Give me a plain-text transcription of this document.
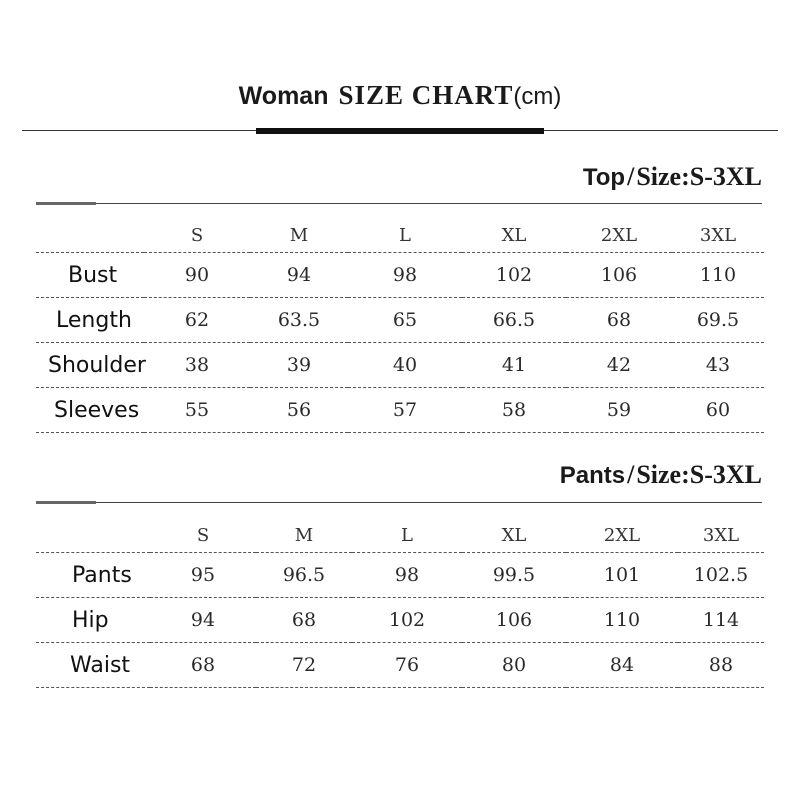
Woman SIZE CHART(cm)
Top/Size:S-3XL
	S	M	L	XL	2XL	3XL
Bust	90	94	98	102	106	110
Length	62	63.5	65	66.5	68	69.5
Shoulder	38	39	40	41	42	43
Sleeves	55	56	57	58	59	60
Pants/Size:S-3XL
	S	M	L	XL	2XL	3XL
Pants	95	96.5	98	99.5	101	102.5
Hip	94	68	102	106	110	114
Waist	68	72	76	80	84	88
